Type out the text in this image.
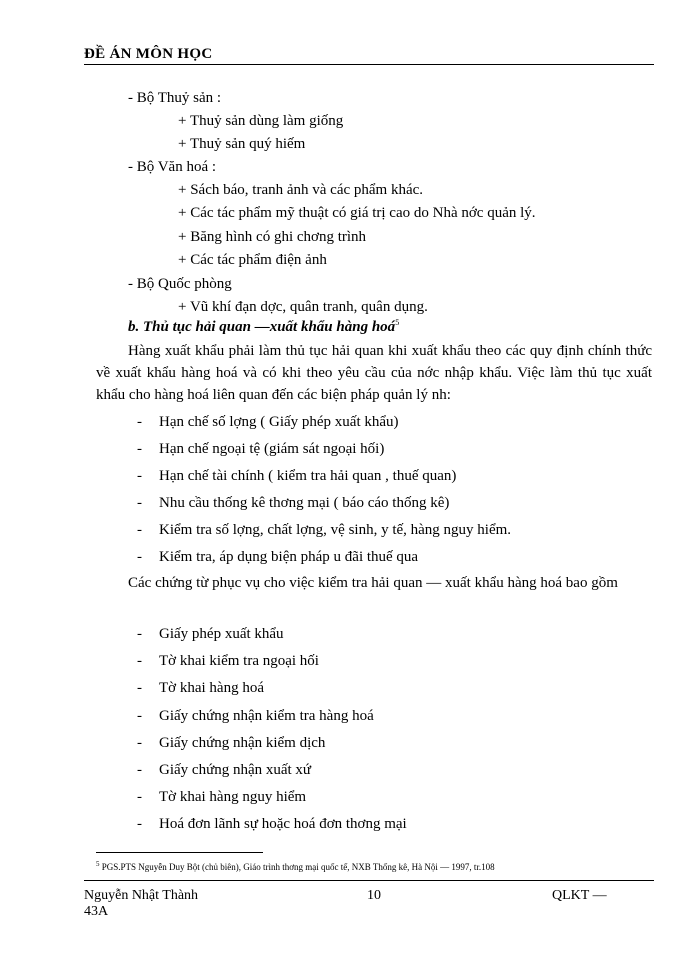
ĐỀ ÁN MÔN HỌC
- Bộ Thuỷ sản :
+ Thuỷ sản dùng làm giống
+ Thuỷ sản quý hiếm
- Bộ Văn hoá :
+ Sách báo, tranh ảnh và các phẩm khác.
+ Các tác phẩm mỹ thuật có giá trị cao do Nhà nớc quản lý.
+ Băng hình có ghi chơng trình
+ Các tác phẩm điện ảnh
- Bộ Quốc phòng
+ Vũ khí đạn dợc, quân tranh, quân dụng.
b. Thủ tục hải quan —xuất khẩu hàng hoá$^5$
Hàng xuất khẩu phải làm thủ tục hải quan khi xuất khẩu theo các quy định chính thức về xuất khẩu hàng hoá và có khi theo yêu cầu của nớc nhập khẩu. Việc làm thủ tục xuất khẩu cho hàng hoá liên quan đến các biện pháp quản lý nh:
- Hạn chế số lợng ( Giấy phép xuất khẩu)
- Hạn chế ngoại tệ (giám sát ngoại hối)
- Hạn chế tài chính ( kiểm tra hải quan , thuế quan)
- Nhu cầu thống kê thơng mại ( báo cáo thống kê)
- Kiểm tra số lợng, chất lợng, vệ sinh, y tế, hàng nguy hiểm.
- Kiểm tra, áp dụng biện pháp u đãi thuế qua
Các chứng từ phục vụ cho việc kiểm tra hải quan — xuất khẩu hàng hoá bao gồm
- Giấy phép xuất khẩu
- Tờ khai kiểm tra ngoại hối
- Tờ khai hàng hoá
- Giấy chứng nhận kiểm tra hàng hoá
- Giấy chứng nhận kiểm dịch
- Giấy chứng nhận xuất xứ
- Tờ khai hàng nguy hiểm
- Hoá đơn lãnh sự hoặc hoá đơn thơng mại
$^5$ PGS.PTS Nguyễn Duy Bột (chủ biên), Giáo trình thơng mại quốc tế, NXB Thống kê, Hà Nội — 1997, tr.108
Nguyễn Nhật Thành
43A
10	QLKT —
